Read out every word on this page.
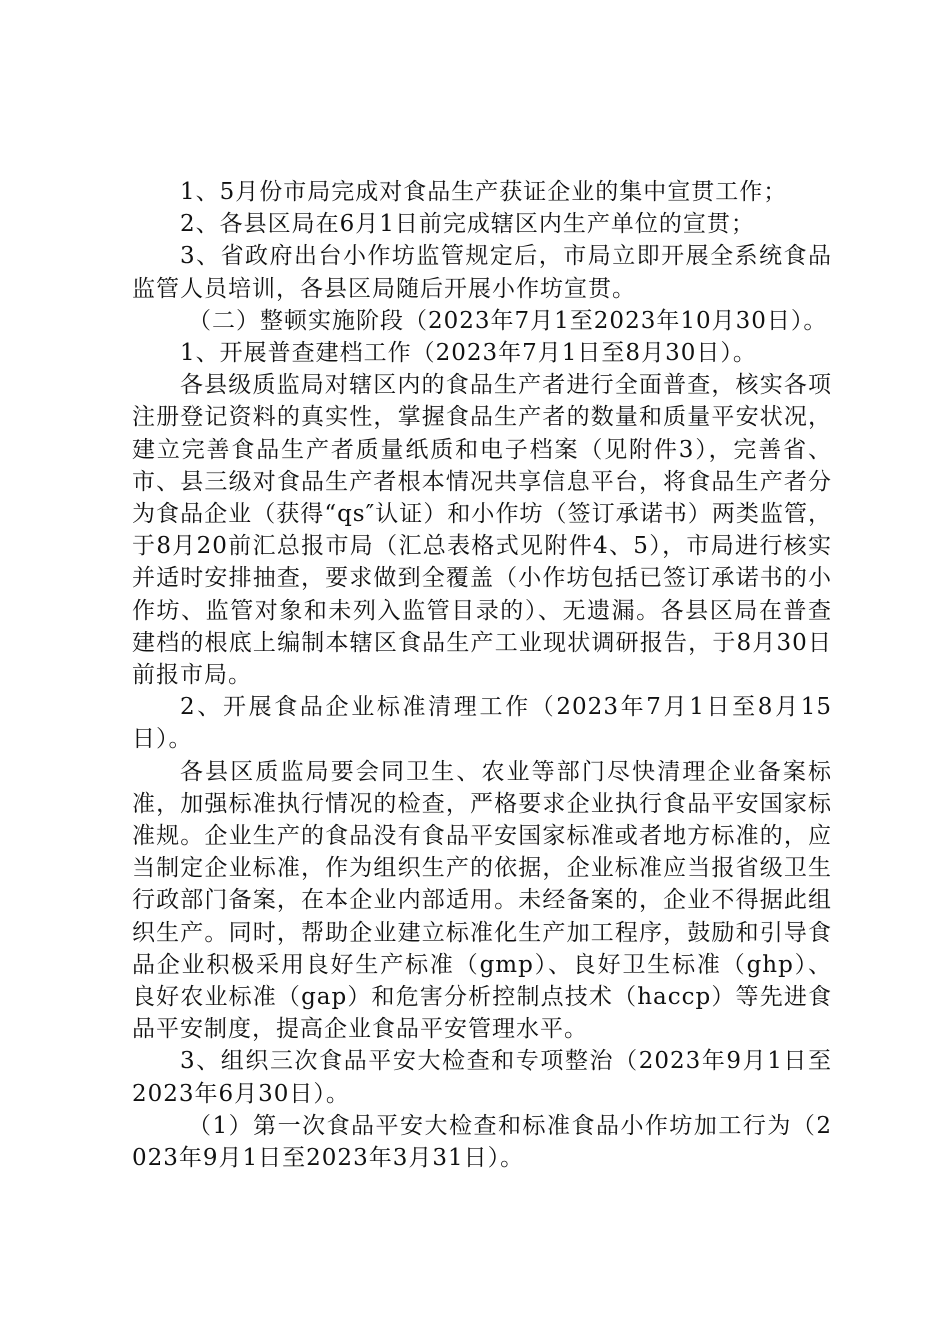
1、5月份市局完成对食品生产获证企业的集中宣贯工作；

2、各县区局在6月1日前完成辖区内生产单位的宣贯；

3、省政府出台小作坊监管规定后，市局立即开展全系统食品监管人员培训，各县区局随后开展小作坊宣贯。

（二）整顿实施阶段（2023年7月1至2023年10月30日）。

1、开展普查建档工作（2023年7月1日至8月30日）。

各县级质监局对辖区内的食品生产者进行全面普查，核实各项注册登记资料的真实性，掌握食品生产者的数量和质量平安状况，建立完善食品生产者质量纸质和电子档案（见附件3），完善省、市、县三级对食品生产者根本情况共享信息平台，将食品生产者分为食品企业（获得“qs″认证）和小作坊（签订承诺书）两类监管，于8月20前汇总报市局（汇总表格式见附件4、5），市局进行核实并适时安排抽查，要求做到全覆盖（小作坊包括已签订承诺书的小作坊、监管对象和未列入监管目录的）、无遗漏。各县区局在普查建档的根底上编制本辖区食品生产工业现状调研报告，于8月30日前报市局。

2、开展食品企业标准清理工作（2023年7月1日至8月15日）。

各县区质监局要会同卫生、农业等部门尽快清理企业备案标准，加强标准执行情况的检查，严格要求企业执行食品平安国家标准规。企业生产的食品没有食品平安国家标准或者地方标准的，应当制定企业标准，作为组织生产的依据，企业标准应当报省级卫生行政部门备案，在本企业内部适用。未经备案的，企业不得据此组织生产。同时，帮助企业建立标准化生产加工程序，鼓励和引导食品企业积极采用良好生产标准（gmp）、良好卫生标准（ghp）、良好农业标准（gap）和危害分析控制点技术（haccp）等先进食品平安制度，提高企业食品平安管理水平。

3、组织三次食品平安大检查和专项整治（2023年9月1日至2023年6月30日）。

（1）第一次食品平安大检查和标准食品小作坊加工行为（2023年9月1日至2023年3月31日）。
